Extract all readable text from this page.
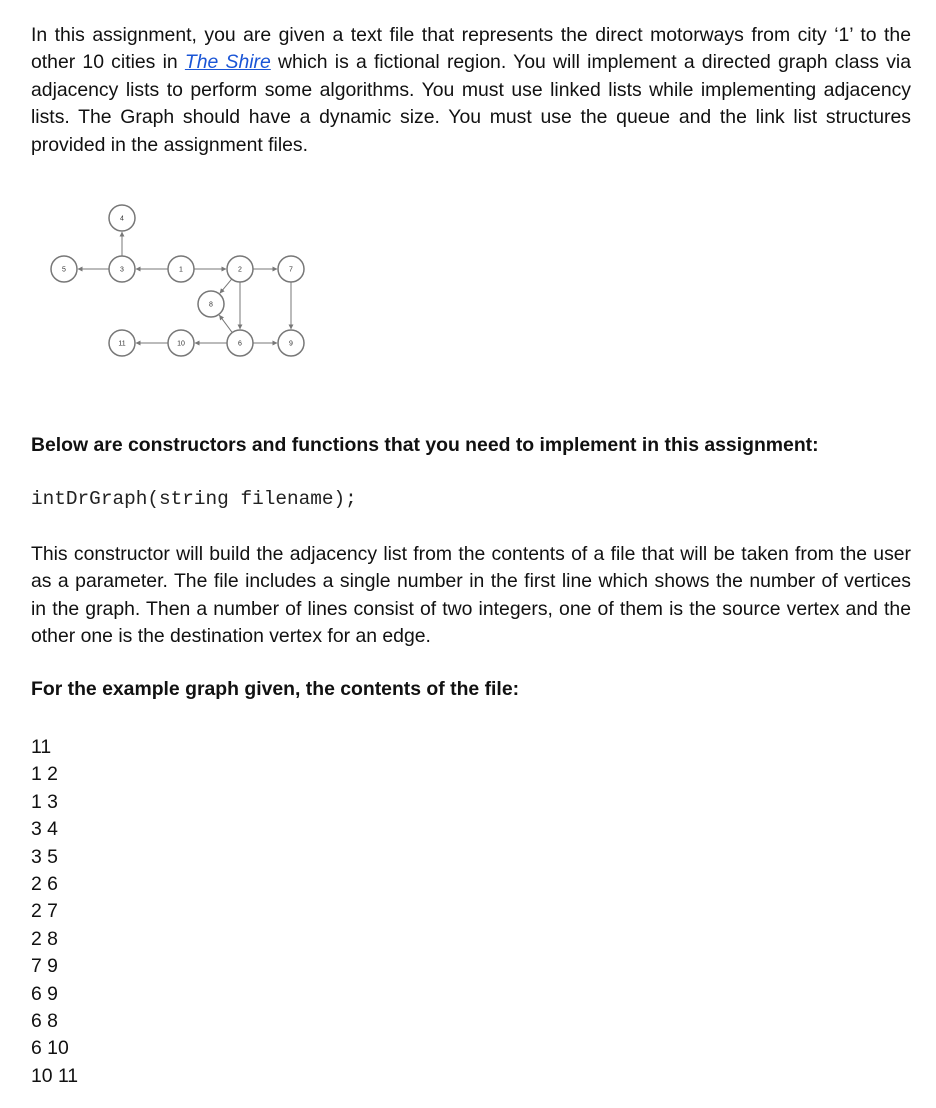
In this assignment, you are given a text file that represents the direct motorways from city ‘1’ to the other 10 cities in The Shire which is a fictional region. You will implement a directed graph class via adjacency lists to perform some algorithms. You must use linked lists while implementing adjacency lists. The Graph should have a dynamic size. You must use the queue and the link list structures provided in the assignment files.

4
5	3	1	2	7
8
11	10	6	9
Below are constructors and functions that you need to implement in this assignment:
intDrGraph(string filename);

This constructor will build the adjacency list from the contents of a file that will be taken from the user as a parameter. The file includes a single number in the first line which shows the number of vertices in the graph. Then a number of lines consist of two integers, one of them is the source vertex and the other one is the destination vertex for an edge.

For the example graph given, the contents of the file:
11
1 2
1 3
3 4
3 5
2 6
2 7
2 8
7 9
6 9
6 8
6 10
10 11
